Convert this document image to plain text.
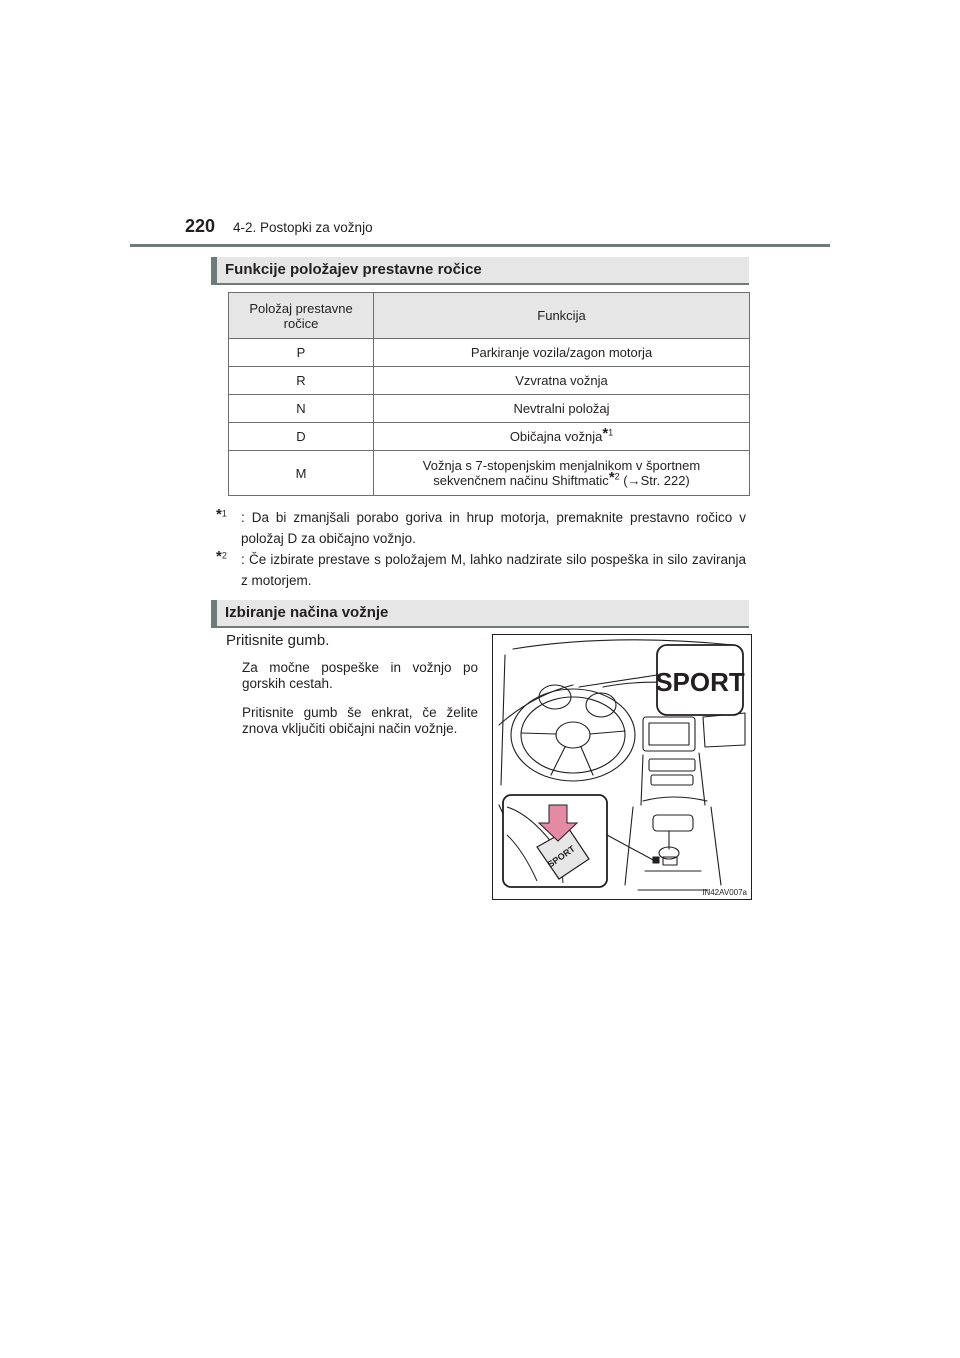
220 4-2. Postopki za vožnjo
Funkcije položajev prestavne ročice
Položaj prestavne ročice	Funkcija
P	Parkiranje vozila/zagon motorja
R	Vzvratna vožnja
N	Nevtralni položaj
D	Običajna vožnja*$^1$
M	Vožnja s 7-stopenjskim menjalnikom v športnem
sekvenčnem načinu Shiftmatic*$^2$ (→Str. 222)
*$^1$ : Da bi zmanjšali porabo goriva in hrup motorja, premaknite prestavno ročico v položaj D za običajno vožnjo.
*$^2$ : Če izbirate prestave s položajem M, lahko nadzirate silo pospeška in silo zaviranja z motorjem.
Izbiranje načina vožnje
Pritisnite gumb.
Za močne pospeške in vožnjo po gorskih cestah.
Pritisnite gumb še enkrat, če želite znova vključiti običajni način vožnje.
SPORT
SPORT
IN42AV007a
